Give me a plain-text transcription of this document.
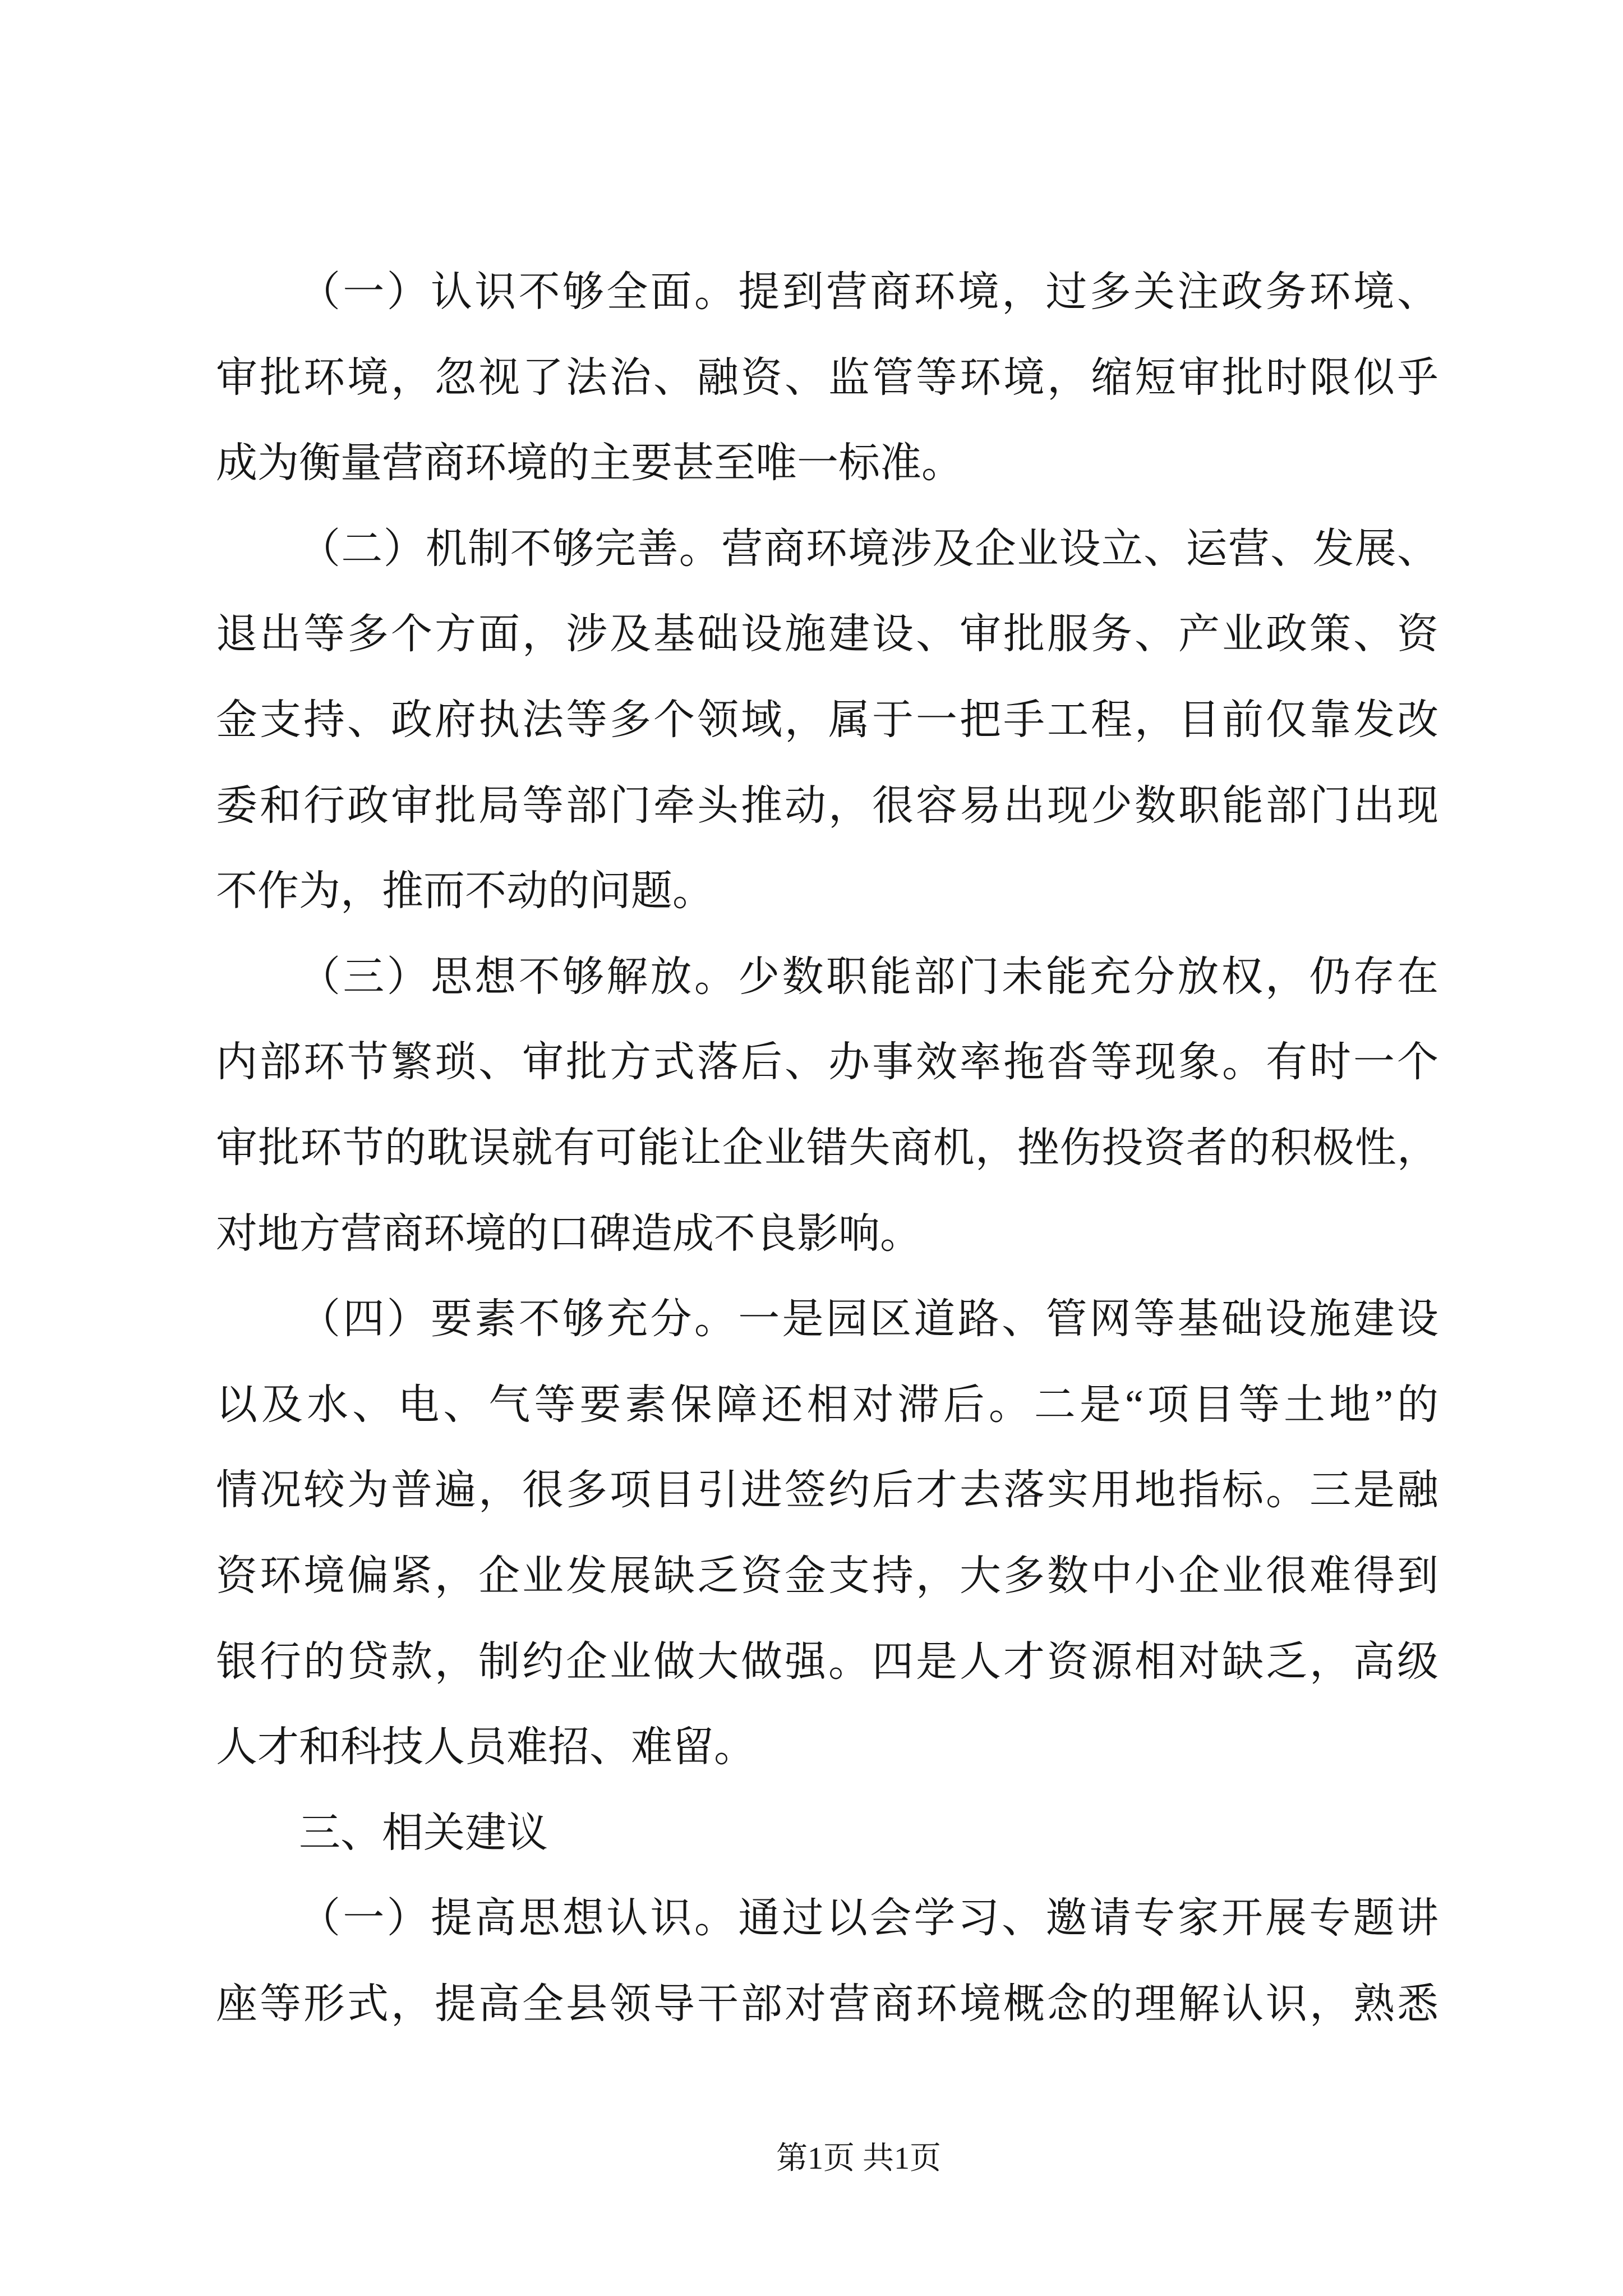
（一）认识不够全面。提到营商环境，过多关注政务环境、
审批环境，忽视了法治、融资、监管等环境，缩短审批时限似乎
成为衡量营商环境的主要甚至唯一标准。
（二）机制不够完善。营商环境涉及企业设立、运营、发展、
退出等多个方面，涉及基础设施建设、审批服务、产业政策、资
金支持、政府执法等多个领域，属于一把手工程，目前仅靠发改
委和行政审批局等部门牵头推动，很容易出现少数职能部门出现
不作为，推而不动的问题。
（三）思想不够解放。少数职能部门未能充分放权，仍存在
内部环节繁琐、审批方式落后、办事效率拖沓等现象。有时一个
审批环节的耽误就有可能让企业错失商机，挫伤投资者的积极性，
对地方营商环境的口碑造成不良影响。
（四）要素不够充分。一是园区道路、管网等基础设施建设
以及水、电、气等要素保障还相对滞后。二是“项目等土地”的
情况较为普遍，很多项目引进签约后才去落实用地指标。三是融
资环境偏紧，企业发展缺乏资金支持，大多数中小企业很难得到
银行的贷款，制约企业做大做强。四是人才资源相对缺乏，高级
人才和科技人员难招、难留。
三、相关建议
（一）提高思想认识。通过以会学习、邀请专家开展专题讲
座等形式，提高全县领导干部对营商环境概念的理解认识，熟悉
第1页 共1页
